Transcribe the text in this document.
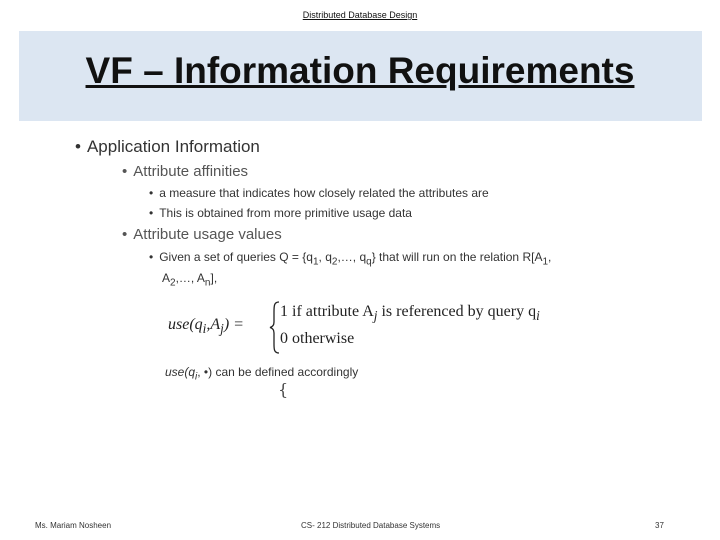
Distributed Database Design
VF – Information Requirements
• Application Information
• Attribute affinities
• a measure that indicates how closely related the attributes are
• This is obtained from more primitive usage data
• Attribute usage values
• Given a set of queries $Q = \{q_1$, $q_2,\dots$, $q_q$} that will run on the relation $R[A_1$,
$A_2,\dots$, $A_n$],
$use(q_i,A_j)$ =
1 if attribute $A_j$ is referenced by query $q_i$
0 otherwise
$use(q_i$, •) can be defined accordingly
{
Ms. Mariam Nosheen	CS- 212 Distributed Database Systems	37
